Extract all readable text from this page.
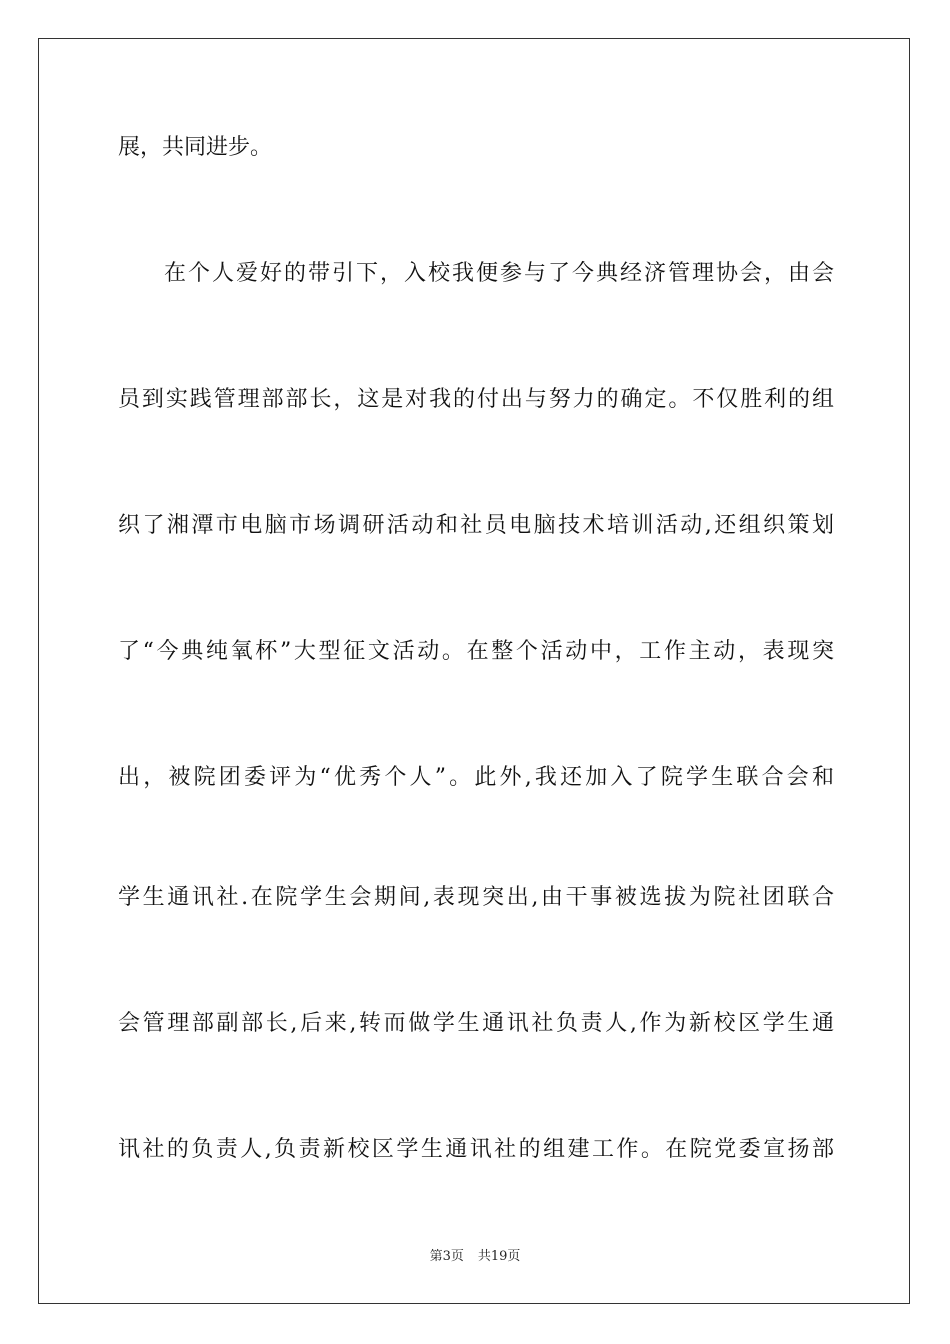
展，共同进步。
在个人爱好的带引下，入校我便参与了今典经济管理协会，由会
员到实践管理部部长，这是对我的付出与努力的确定。不仅胜利的组
织了湘潭市电脑市场调研活动和社员电脑技术培训活动,还组织策划
了“今典纯氧杯”大型征文活动。在整个活动中，工作主动，表现突
出，被院团委评为“优秀个人”。此外,我还加入了院学生联合会和
学生通讯社.在院学生会期间,表现突出,由干事被选拔为院社团联合
会管理部副部长,后来,转而做学生通讯社负责人,作为新校区学生通
讯社的负责人,负责新校区学生通讯社的组建工作。在院党委宣扬部
第3页 共19页
